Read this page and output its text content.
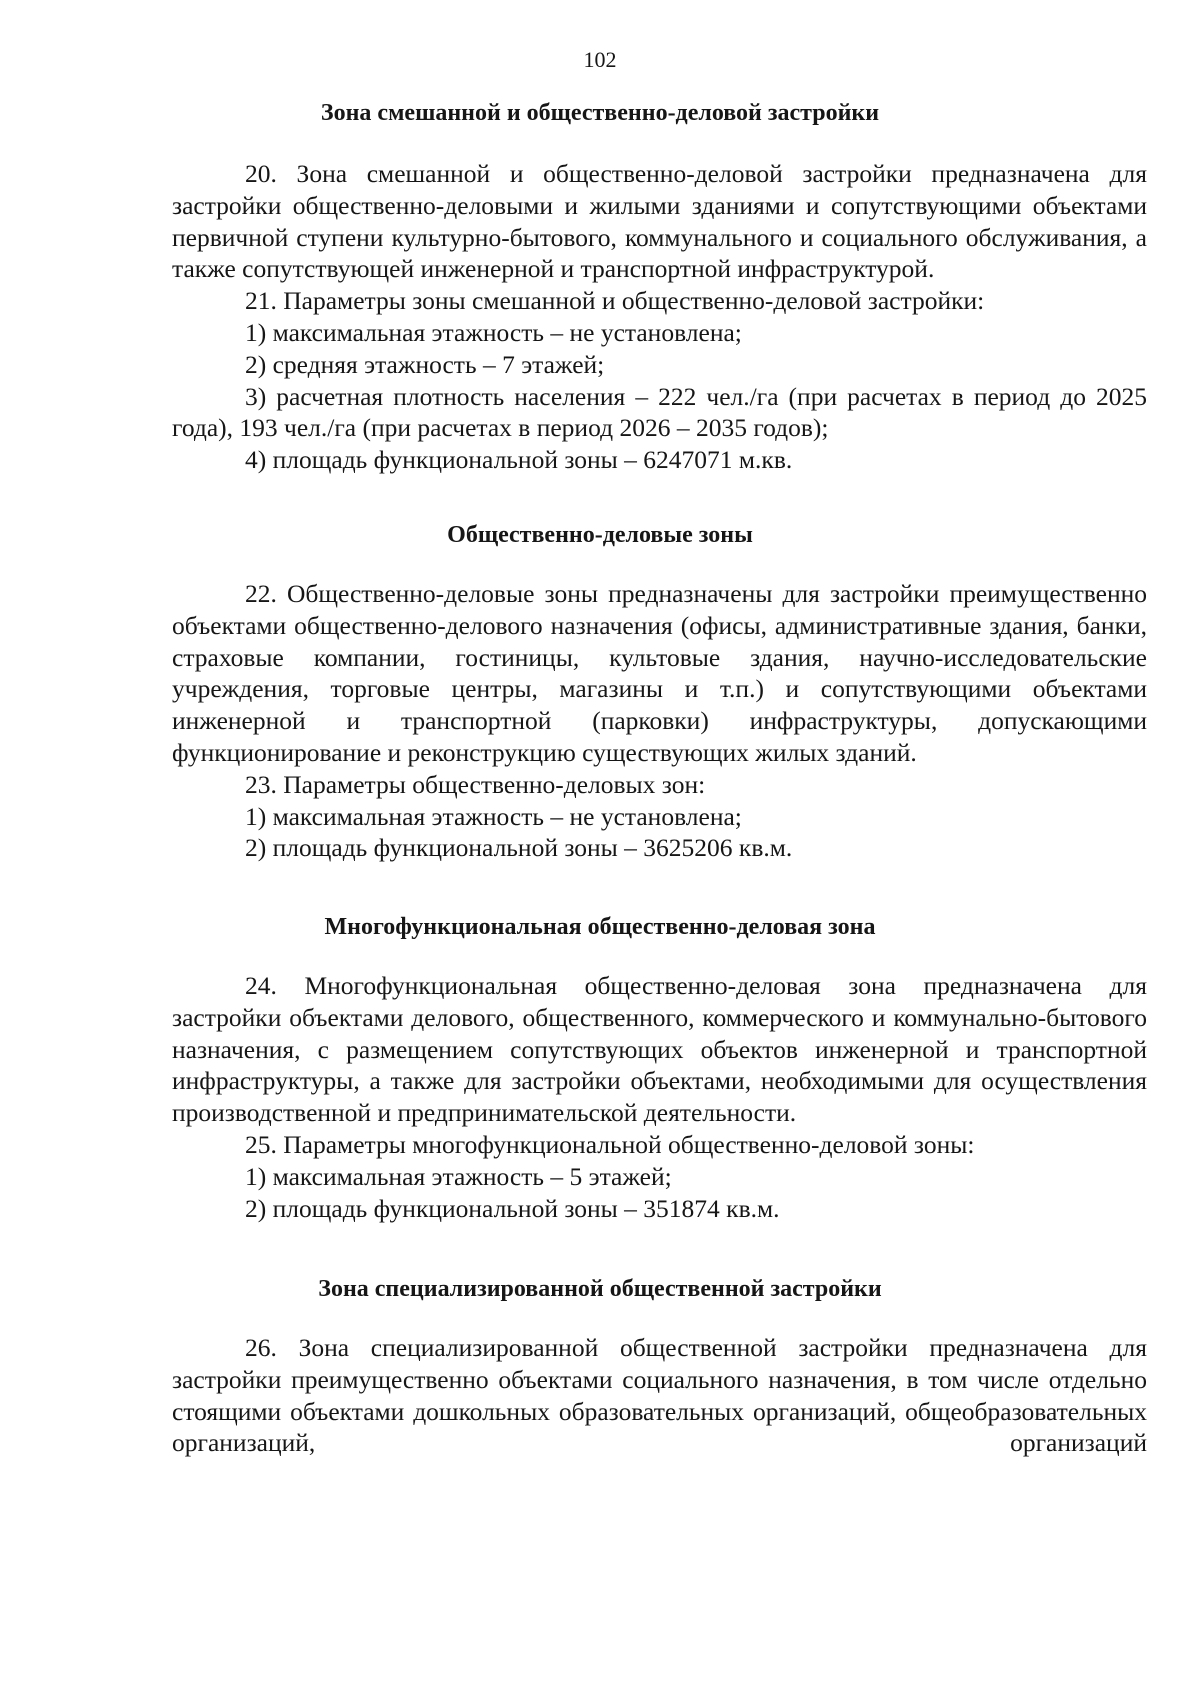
102
Зона смешанной и общественно-деловой застройки

20. Зона смешанной и общественно-деловой застройки предназначена для застройки общественно-деловыми и жилыми зданиями и сопутствующими объектами первичной ступени культурно-бытового, коммунального и социального обслуживания, а также сопутствующей инженерной и транспортной инфраструктурой.

21. Параметры зоны смешанной и общественно-деловой застройки:

1) максимальная этажность – не установлена;

2) средняя этажность – 7 этажей;

3) расчетная плотность населения – 222 чел./га (при расчетах в период до 2025 года), 193 чел./га (при расчетах в период 2026 – 2035 годов);

4) площадь функциональной зоны – 6247071 м.кв.

Общественно-деловые зоны

22. Общественно-деловые зоны предназначены для застройки преимущественно объектами общественно-делового назначения (офисы, административные здания, банки, страховые компании, гостиницы, культовые здания, научно-исследовательские учреждения, торговые центры, магазины и т.п.) и сопутствующими объектами инженерной и транспортной (парковки) инфраструктуры, допускающими функционирование и реконструкцию существующих жилых зданий.

23. Параметры общественно-деловых зон:

1) максимальная этажность – не установлена;

2) площадь функциональной зоны – 3625206 кв.м.

Многофункциональная общественно-деловая зона

24. Многофункциональная общественно-деловая зона предназначена для застройки объектами делового, общественного, коммерческого и коммунально-бытового назначения, с размещением сопутствующих объектов инженерной и транспортной инфраструктуры, а также для застройки объектами, необходимыми для осуществления производственной и предпринимательской деятельности.

25. Параметры многофункциональной общественно-деловой зоны:

1) максимальная этажность – 5 этажей;

2) площадь функциональной зоны – 351874 кв.м.

Зона специализированной общественной застройки

26. Зона специализированной общественной застройки предназначена для застройки преимущественно объектами социального назначения, в том числе отдельно стоящими объектами дошкольных образовательных организаций, общеобразовательных организаций, организаций
